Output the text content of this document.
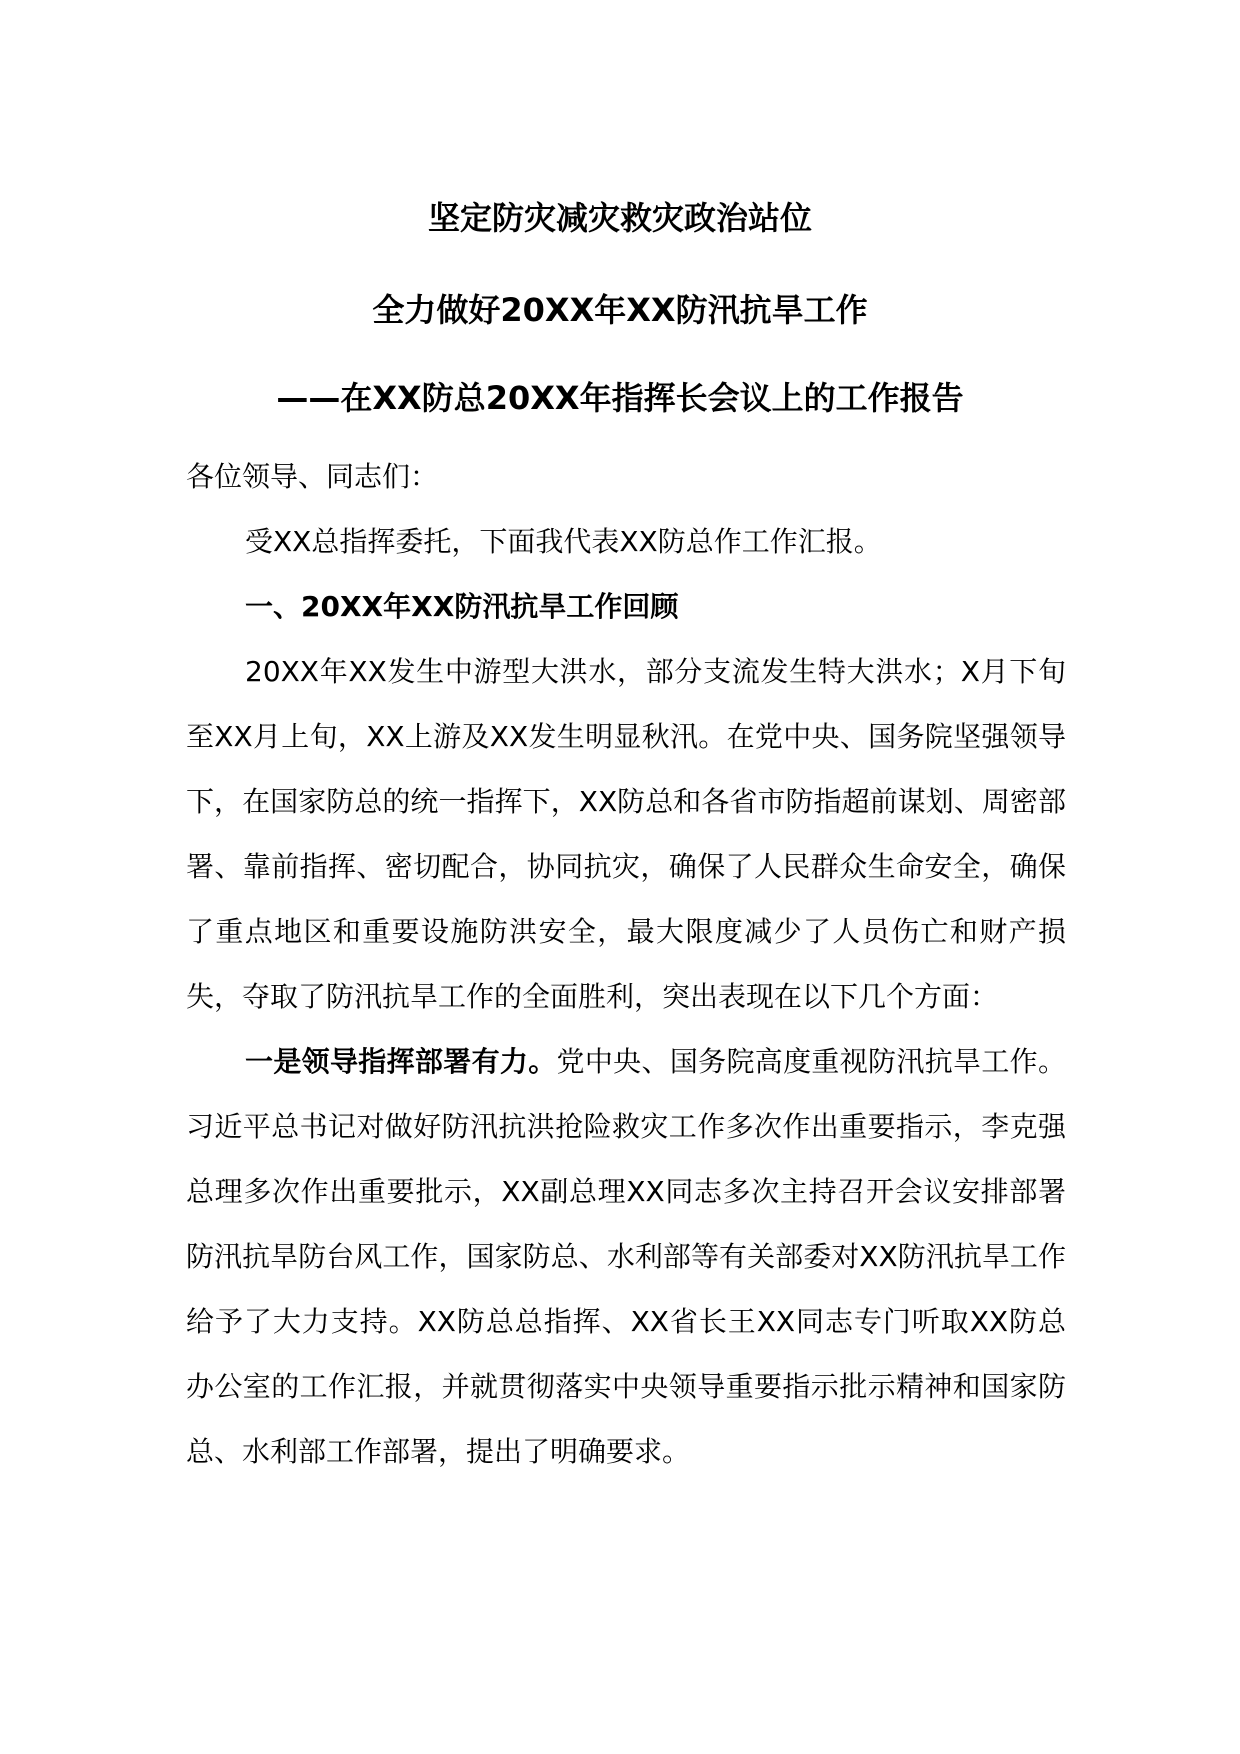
坚定防灾减灾救灾政治站位
全力做好20XX年XX防汛抗旱工作
——在XX防总20XX年指挥长会议上的工作报告

各位领导、同志们：

受XX总指挥委托，下面我代表XX防总作工作汇报。

一、20XX年XX防汛抗旱工作回顾

20XX年XX发生中游型大洪水，部分支流发生特大洪水；X月下旬至XX月上旬，XX上游及XX发生明显秋汛。在党中央、国务院坚强领导下，在国家防总的统一指挥下，XX防总和各省市防指超前谋划、周密部署、靠前指挥、密切配合，协同抗灾，确保了人民群众生命安全，确保了重点地区和重要设施防洪安全，最大限度减少了人员伤亡和财产损失，夺取了防汛抗旱工作的全面胜利，突出表现在以下几个方面：

一是领导指挥部署有力。党中央、国务院高度重视防汛抗旱工作。习近平总书记对做好防汛抗洪抢险救灾工作多次作出重要指示，李克强总理多次作出重要批示，XX副总理XX同志多次主持召开会议安排部署防汛抗旱防台风工作，国家防总、水利部等有关部委对XX防汛抗旱工作给予了大力支持。XX防总总指挥、XX省长王XX同志专门听取XX防总办公室的工作汇报，并就贯彻落实中央领导重要指示批示精神和国家防总、水利部工作部署，提出了明确要求。
